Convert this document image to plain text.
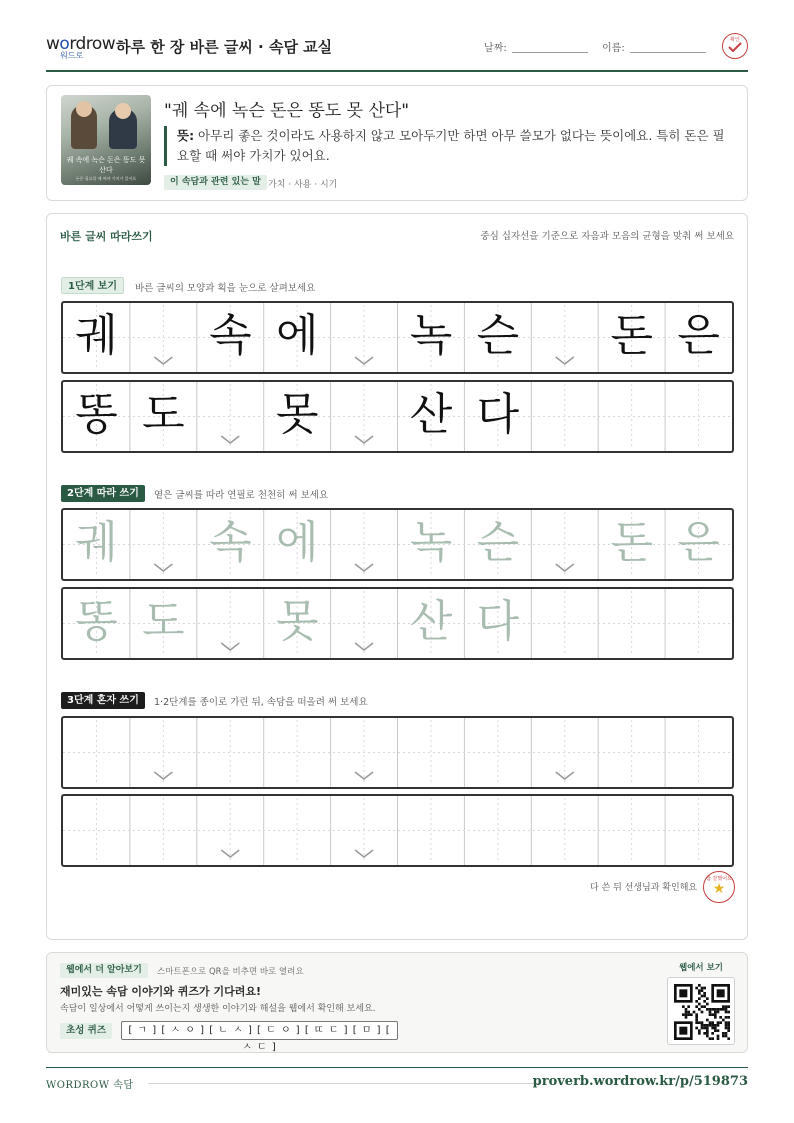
wordrow
워드로 하루 한 장 바른 글씨 · 속담 교실	날짜:	이름:
확인
궤 속에 녹슨 돈은 똥도 못 산다
돈은 필요할 때 써야 가치가 있어요
"궤 속에 녹슨 돈은 똥도 못 산다"
뜻: 아무리 좋은 것이라도 사용하지 않고 모아두기만 하면 아무 쓸모가 없다는 뜻이에요. 특히 돈은 필요할 때 써야 가치가 있어요.
이 속담과 관련 있는 말 가치 · 사용 · 시기
바른 글씨 따라쓰기	중심 십자선을 기준으로 자음과 모음의 균형을 맞춰 써 보세요
1단계 보기	바른 글씨의 모양과 획을 눈으로 살펴보세요
궤 속 에 녹 슨 돈 은
똥 도 못 산 다
2단계 따라 쓰기	옅은 글씨를 따라 연필로 천천히 써 보세요
궤 속 에 녹 슨 돈 은
똥 도 못 산 다
3단계 혼자 쓰기	1·2단계를 종이로 가린 뒤, 속담을 떠올려 써 보세요
다 쓴 뒤 선생님과 확인해요
참 잘했어요
★
웹에서 더 알아보기	스마트폰으로 QR을 비추면 바로 열려요
재미있는 속담 이야기와 퀴즈가 기다려요!
속담이 일상에서 어떻게 쓰이는지 생생한 이야기와 해설을 웹에서 확인해 보세요.
초성 퀴즈	[ ㄱ ] [ ㅅ ㅇ ] [ ㄴ ㅅ ] [ ㄷ ㅇ ] [ ㄸ ㄷ ] [ ㅁ ] [ ㅅ ㄷ ]
웹에서 보기
WORDROW 속담	proverb.wordrow.kr/p/519873
